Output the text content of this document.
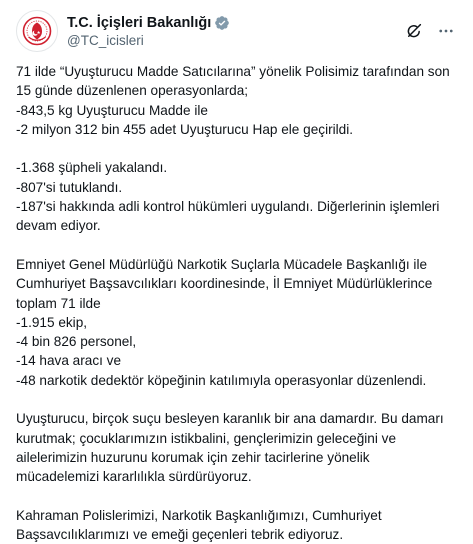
T.C. İçişleri Bakanlığı
@TC_icisleri
71 ilde “Uyuşturucu Madde Satıcılarına” yönelik Polisimiz tarafından son
15 günde düzenlenen operasyonlarda;
-843,5 kg Uyuşturucu Madde ile
-2 milyon 312 bin 455 adet Uyuşturucu Hap ele geçirildi.
-1.368 şüpheli yakalandı.
-807'si tutuklandı.
-187'si hakkında adli kontrol hükümleri uygulandı. Diğerlerinin işlemleri
devam ediyor.
Emniyet Genel Müdürlüğü Narkotik Suçlarla Mücadele Başkanlığı ile
Cumhuriyet Başsavcılıkları koordinesinde, İl Emniyet Müdürlüklerince
toplam 71 ilde
-1.915 ekip,
-4 bin 826 personel,
-14 hava aracı ve
-48 narkotik dedektör köpeğinin katılımıyla operasyonlar düzenlendi.
Uyuşturucu, birçok suçu besleyen karanlık bir ana damardır. Bu damarı
kurutmak; çocuklarımızın istikbalini, gençlerimizin geleceğini ve
ailelerimizin huzurunu korumak için zehir tacirlerine yönelik
mücadelemizi kararlılıkla sürdürüyoruz.
Kahraman Polislerimizi, Narkotik Başkanlığımızı, Cumhuriyet
Başsavcılıklarımızı ve emeği geçenleri tebrik ediyoruz.
